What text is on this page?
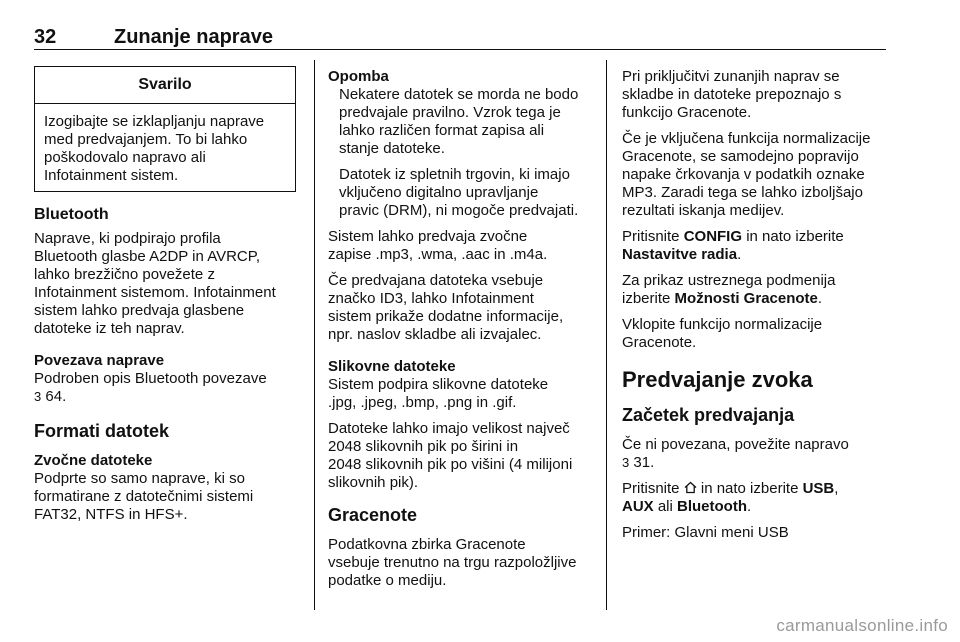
32	Zunanje naprave
Svarilo
Izogibajte se izklapljanju naprave
med predvajanjem. To bi lahko
poškodovalo napravo ali
Infotainment sistem.
Bluetooth

Naprave, ki podpirajo profila
Bluetooth glasbe A2DP in AVRCP,
lahko brezžično povežete z
Infotainment sistemom. Infotainment
sistem lahko predvaja glasbene
datoteke iz teh naprav.

Povezava naprave

Podroben opis Bluetooth povezave
3 64.

Formati datotek
Zvočne datoteke

Podprte so samo naprave, ki so
formatirane z datotečnimi sistemi
FAT32, NTFS in HFS+.

Opomba

Nekatere datotek se morda ne bodo
predvajale pravilno. Vzrok tega je
lahko različen format zapisa ali
stanje datoteke.

Datotek iz spletnih trgovin, ki imajo
vključeno digitalno upravljanje
pravic (DRM), ni mogoče predvajati.

Sistem lahko predvaja zvočne
zapise .mp3, .wma, .aac in .m4a.

Če predvajana datoteka vsebuje
značko ID3, lahko Infotainment
sistem prikaže dodatne informacije,
npr. naslov skladbe ali izvajalec.

Slikovne datoteke

Sistem podpira slikovne datoteke
.jpg, .jpeg, .bmp, .png in .gif.

Datoteke lahko imajo velikost največ
2048 slikovnih pik po širini in
2048 slikovnih pik po višini (4 milijoni
slikovnih pik).

Gracenote

Podatkovna zbirka Gracenote
vsebuje trenutno na trgu razpoložljive
podatke o mediju.

Pri priključitvi zunanjih naprav se
skladbe in datoteke prepoznajo s
funkcijo Gracenote.

Če je vključena funkcija normalizacije
Gracenote, se samodejno popravijo
napake črkovanja v podatkih oznake
MP3. Zaradi tega se lahko izboljšajo
rezultati iskanja medijev.

Pritisnite CONFIG in nato izberite
Nastavitve radia.

Za prikaz ustreznega podmenija
izberite Možnosti Gracenote.

Vklopite funkcijo normalizacije
Gracenote.

Predvajanje zvoka
Začetek predvajanja

Če ni povezana, povežite napravo
3 31.

Pritisnite  in nato izberite USB,
AUX ali Bluetooth.

Primer: Glavni meni USB

carmanualsonline.info
